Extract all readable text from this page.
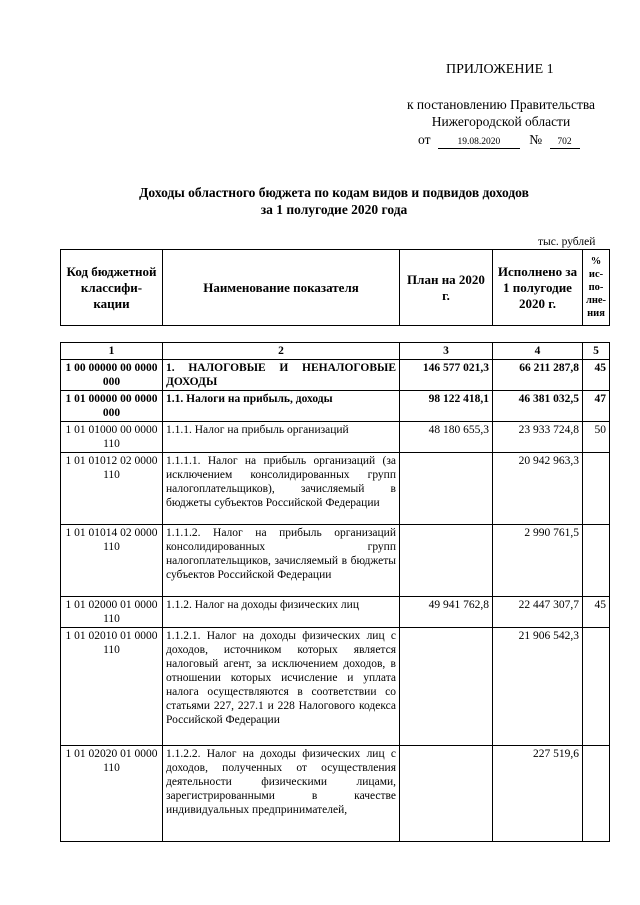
ПРИЛОЖЕНИЕ 1
к постановлению Правительства
Нижегородской области
от	19.08.2020 № 702
Доходы областного бюджета по кодам видов и подвидов доходов
за 1 полугодие 2020 года
тыс. рублей
Код бюджетной классифи-кации	Наименование показателя	План на 2020 г.	Исполнено за 1 полугодие 2020 г.	% ис-по-лне-ния
1	2	3	4	5
1 00 00000 00 0000 000	1. НАЛОГОВЫЕ И НЕНАЛОГОВЫЕ ДОХОДЫ	146 577 021,3	66 211 287,8	45
1 01 00000 00 0000 000	1.1. Налоги на прибыль, доходы	98 122 418,1	46 381 032,5	47
1 01 01000 00 0000 110	1.1.1. Налог на прибыль организаций	48 180 655,3	23 933 724,8	50
1 01 01012 02 0000 110	1.1.1.1. Налог на прибыль организаций (за исключением консолидированных групп налогоплательщиков), зачисляемый в бюджеты субъектов Российской Федерации		20 942 963,3	
1 01 01014 02 0000 110	1.1.1.2. Налог на прибыль организаций консолидированных групп налогоплательщиков, зачисляемый в бюджеты субъектов Российской Федерации		2 990 761,5	
1 01 02000 01 0000 110	1.1.2. Налог на доходы физических лиц	49 941 762,8	22 447 307,7	45
1 01 02010 01 0000 110	1.1.2.1. Налог на доходы физических лиц с доходов, источником которых является налоговый агент, за исключением доходов, в отношении которых исчисление и уплата налога осуществляются в соответствии со статьями 227, 227.1 и 228 Налогового кодекса Российской Федерации		21 906 542,3	
1 01 02020 01 0000 110	1.1.2.2. Налог на доходы физических лиц с доходов, полученных от осуществления деятельности физическими лицами, зарегистрированными в качестве индивидуальных предпринимателей,		227 519,6	
